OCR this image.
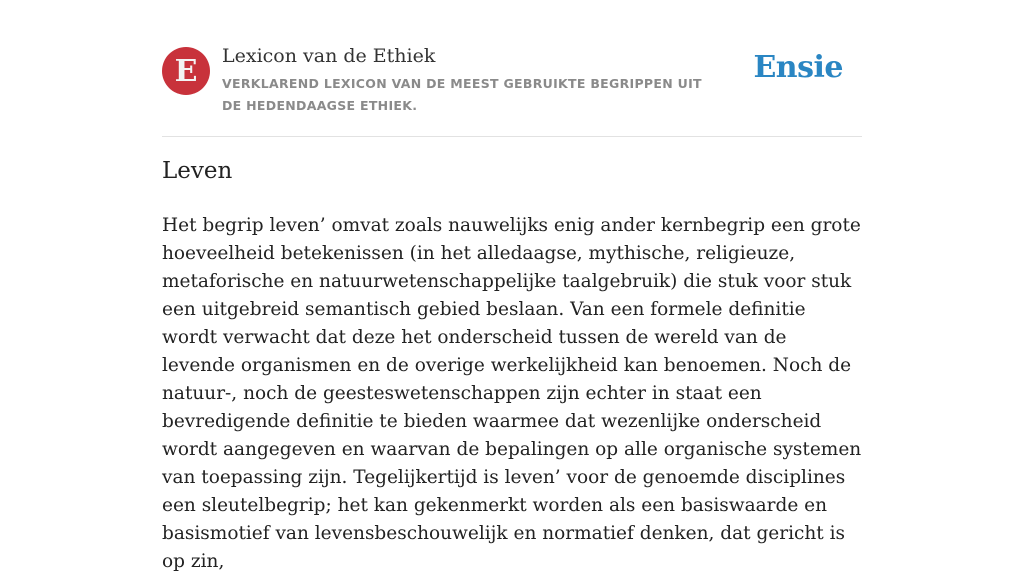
E Lexicon van de Ethiek
VERKLAREND LEXICON VAN DE MEEST GEBRUIKTE BEGRIPPEN UIT DE HEDENDAAGSE ETHIEK.
Ensie
Leven

Het begrip leven’ omvat zoals nauwelijks enig ander kernbegrip een grote hoeveelheid betekenissen (in het alledaagse, mythische, religieuze, metaforische en natuurwetenschappelijke taalgebruik) die stuk voor stuk een uitgebreid semantisch gebied beslaan. Van een formele definitie wordt verwacht dat deze het onderscheid tussen de wereld van de levende organismen en de overige werkelijkheid kan benoemen. Noch de natuur-, noch de geesteswetenschappen zijn echter in staat een bevredigende definitie te bieden waarmee dat wezenlijke onderscheid wordt aangegeven en waarvan de bepalingen op alle organische systemen van toepassing zijn. Tegelijkertijd is leven’ voor de genoemde disciplines een sleutelbegrip; het kan gekenmerkt worden als een basiswaarde en basismotief van levensbeschouwelijk en normatief denken, dat gericht is op zin,
